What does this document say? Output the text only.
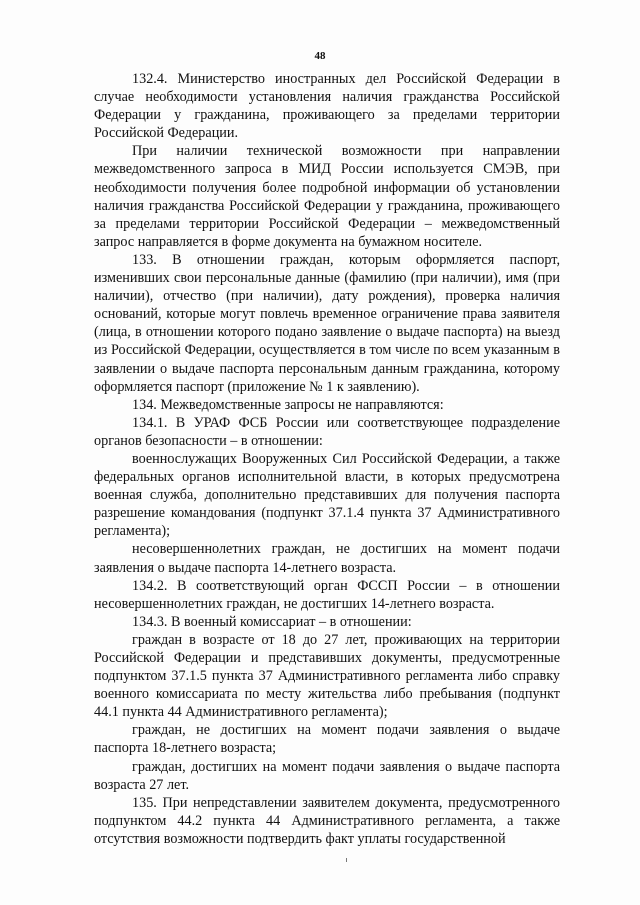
48

132.4. Министерство иностранных дел Российской Федерации в случае необходимости установления наличия гражданства Российской Федерации у гражданина, проживающего за пределами территории Российской Федерации.

При наличии технической возможности при направлении межведомственного запроса в МИД России используется СМЭВ, при необходимости получения более подробной информации об установлении наличия гражданства Российской Федерации у гражданина, проживающего за пределами территории Российской Федерации – межведомственный запрос направляется в форме документа на бумажном носителе.

133. В отношении граждан, которым оформляется паспорт, изменивших свои персональные данные (фамилию (при наличии), имя (при наличии), отчество (при наличии), дату рождения), проверка наличия оснований, которые могут повлечь временное ограничение права заявителя (лица, в отношении которого подано заявление о выдаче паспорта) на выезд из Российской Федерации, осуществляется в том числе по всем указанным в заявлении о выдаче паспорта персональным данным гражданина, которому оформляется паспорт (приложение № 1 к заявлению).

134. Межведомственные запросы не направляются:

134.1. В УРАФ ФСБ России или соответствующее подразделение органов безопасности – в отношении:

военнослужащих Вооруженных Сил Российской Федерации, а также федеральных органов исполнительной власти, в которых предусмотрена военная служба, дополнительно представивших для получения паспорта разрешение командования (подпункт 37.1.4 пункта 37 Административного регламента);

несовершеннолетних граждан, не достигших на момент подачи заявления о выдаче паспорта 14-летнего возраста.

134.2. В соответствующий орган ФССП России – в отношении несовершеннолетних граждан, не достигших 14-летнего возраста.

134.3. В военный комиссариат – в отношении:

граждан в возрасте от 18 до 27 лет, проживающих на территории Российской Федерации и представивших документы, предусмотренные подпунктом 37.1.5 пункта 37 Административного регламента либо справку военного комиссариата по месту жительства либо пребывания (подпункт 44.1 пункта 44 Административного регламента);

граждан, не достигших на момент подачи заявления о выдаче паспорта 18-летнего возраста;

граждан, достигших на момент подачи заявления о выдаче паспорта возраста 27 лет.

135. При непредставлении заявителем документа, предусмотренного подпунктом 44.2 пункта 44 Административного регламента, а также отсутствия возможности подтвердить факт уплаты государственной
